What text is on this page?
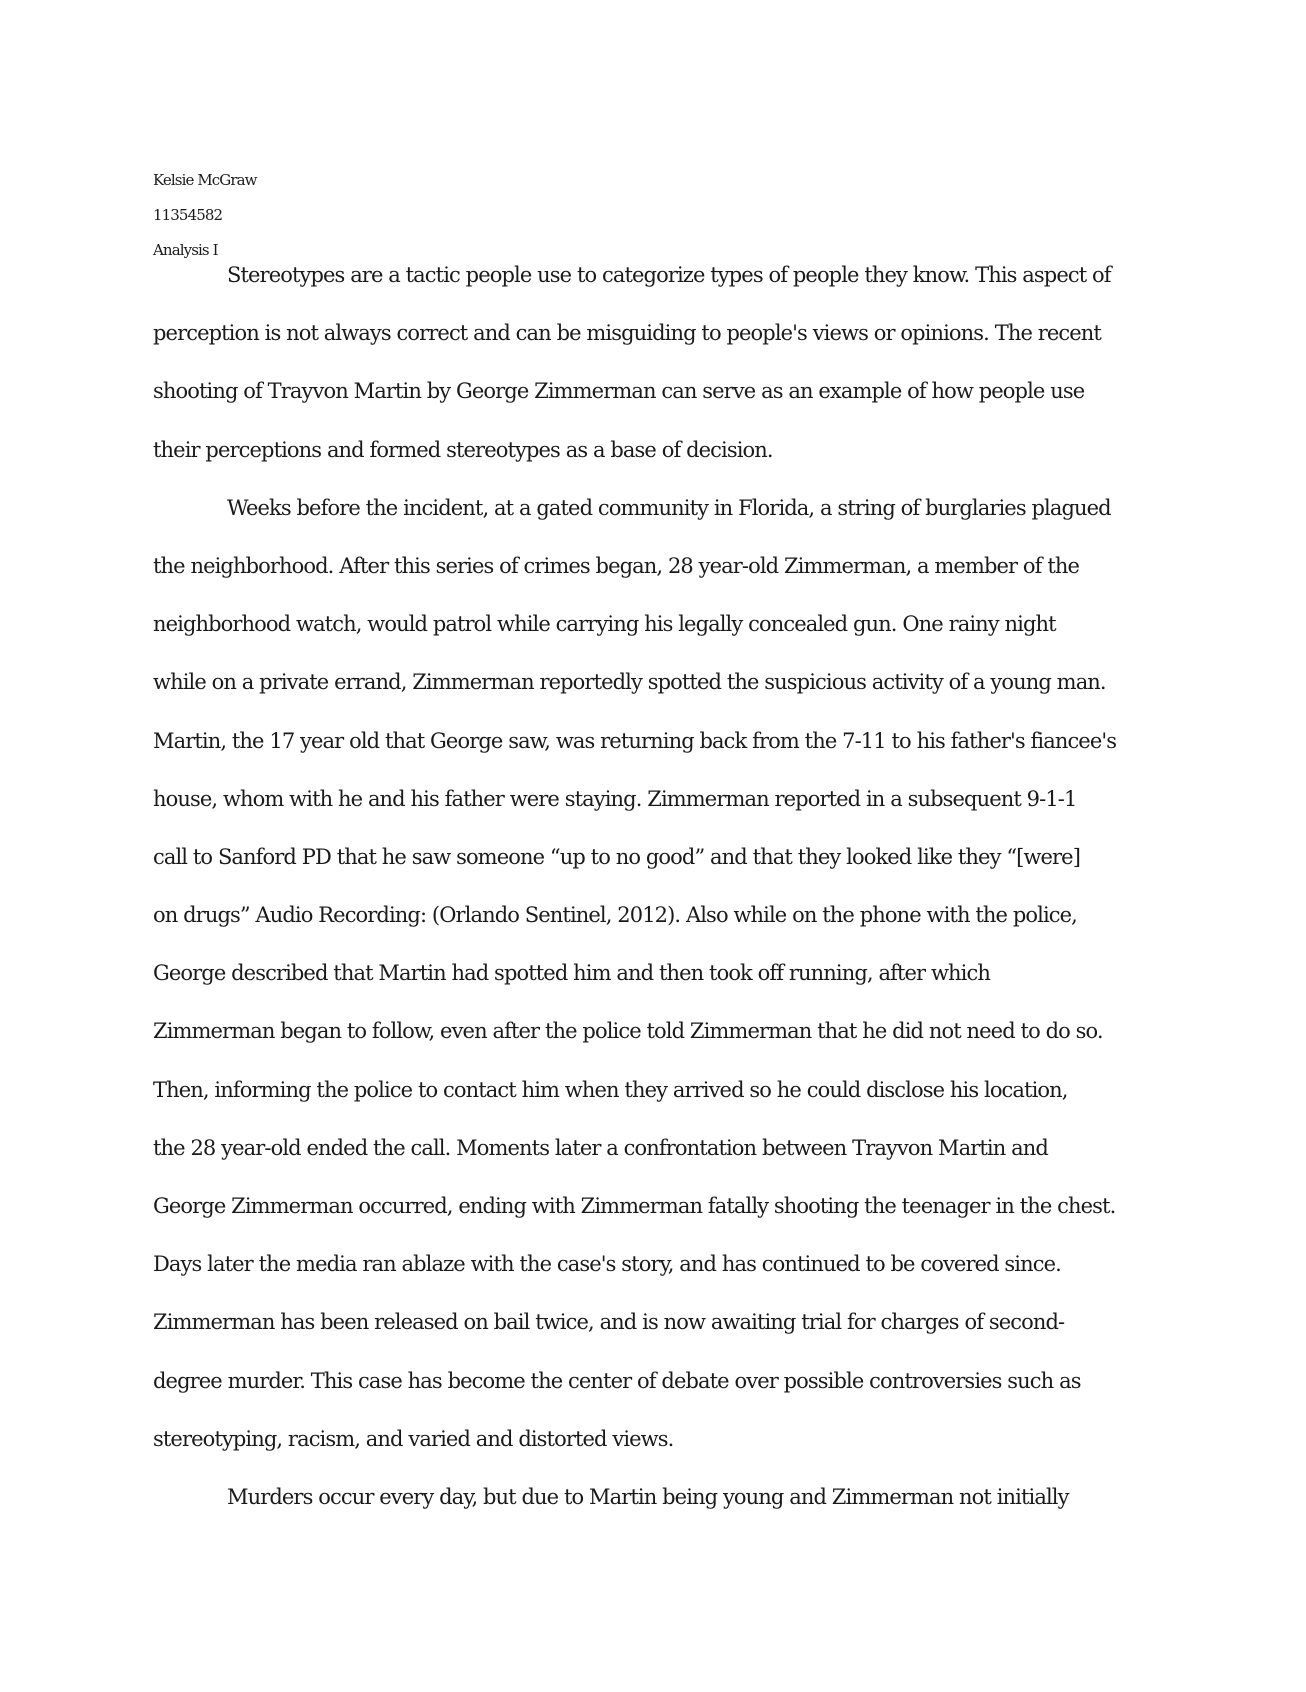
Kelsie McGraw
11354582
Analysis I
Stereotypes are a tactic people use to categorize types of people they know. This aspect of
perception is not always correct and can be misguiding to people's views or opinions. The recent
shooting of Trayvon Martin by George Zimmerman can serve as an example of how people use
their perceptions and formed stereotypes as a base of decision.
Weeks before the incident, at a gated community in Florida, a string of burglaries plagued
the neighborhood. After this series of crimes began, 28 year-old Zimmerman, a member of the
neighborhood watch, would patrol while carrying his legally concealed gun. One rainy night
while on a private errand, Zimmerman reportedly spotted the suspicious activity of a young man.
Martin, the 17 year old that George saw, was returning back from the 7-11 to his father's fiancee's
house, whom with he and his father were staying. Zimmerman reported in a subsequent 9-1-1
call to Sanford PD that he saw someone “up to no good” and that they looked like they “[were]
on drugs” Audio Recording: (Orlando Sentinel, 2012). Also while on the phone with the police,
George described that Martin had spotted him and then took off running, after which
Zimmerman began to follow, even after the police told Zimmerman that he did not need to do so.
Then, informing the police to contact him when they arrived so he could disclose his location,
the 28 year-old ended the call. Moments later a confrontation between Trayvon Martin and
George Zimmerman occurred, ending with Zimmerman fatally shooting the teenager in the chest.
Days later the media ran ablaze with the case's story, and has continued to be covered since.
Zimmerman has been released on bail twice, and is now awaiting trial for charges of second-
degree murder. This case has become the center of debate over possible controversies such as
stereotyping, racism, and varied and distorted views.
Murders occur every day, but due to Martin being young and Zimmerman not initially
